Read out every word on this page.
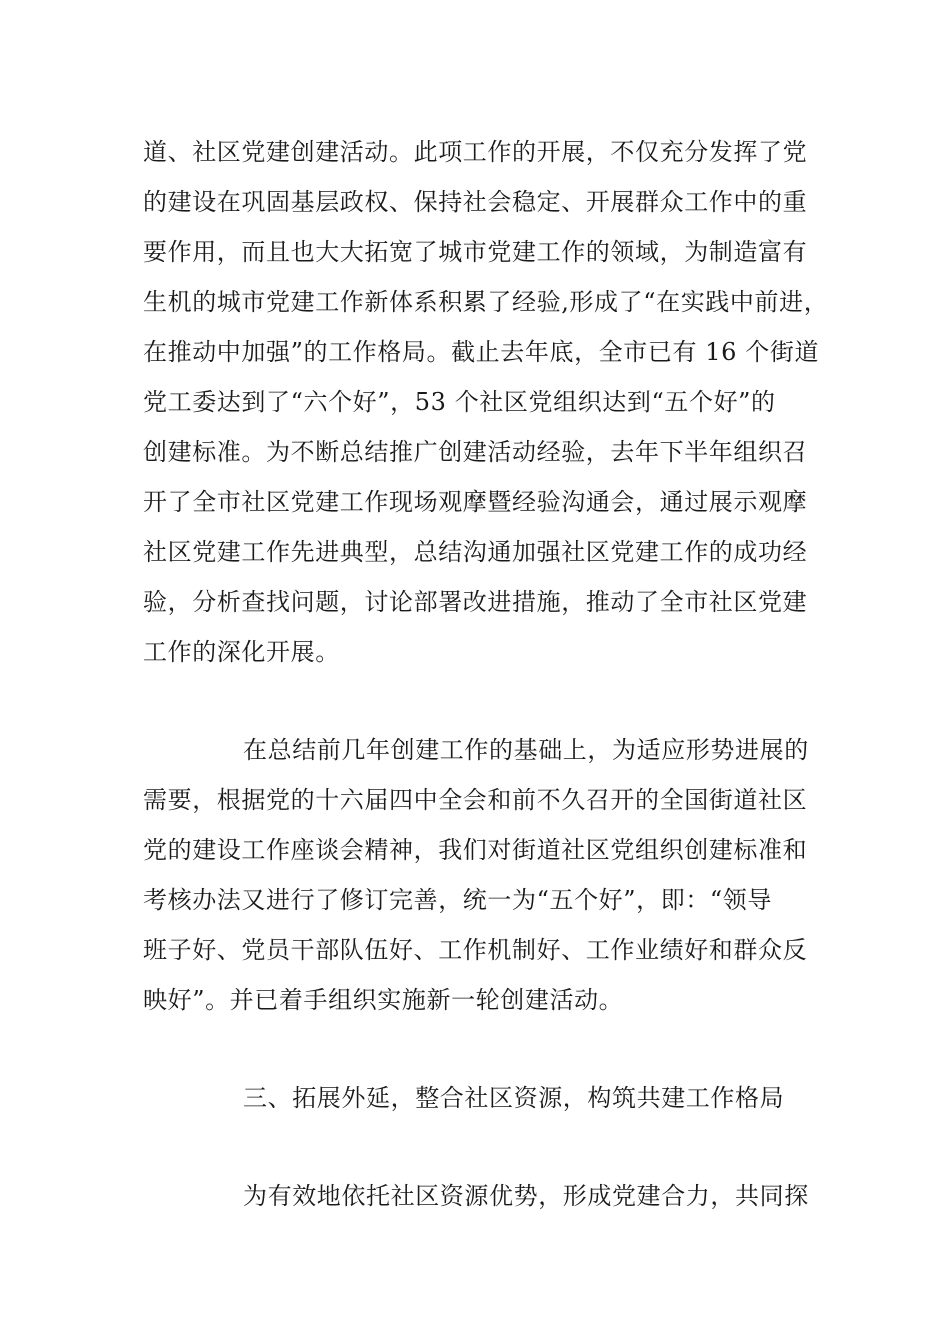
道、社区党建创建活动。此项工作的开展，不仅充分发挥了党
的建设在巩固基层政权、保持社会稳定、开展群众工作中的重
要作用，而且也大大拓宽了城市党建工作的领域，为制造富有
生机的城市党建工作新体系积累了经验,形成了“在实践中前进，
在推动中加强”的工作格局。截止去年底，全市已有 16 个街道
党工委达到了“六个好”，53 个社区党组织达到“五个好”的
创建标准。为不断总结推广创建活动经验，去年下半年组织召
开了全市社区党建工作现场观摩暨经验沟通会，通过展示观摩
社区党建工作先进典型，总结沟通加强社区党建工作的成功经
验，分析查找问题，讨论部署改进措施，推动了全市社区党建
工作的深化开展。
在总结前几年创建工作的基础上，为适应形势进展的
需要，根据党的十六届四中全会和前不久召开的全国街道社区
党的建设工作座谈会精神，我们对街道社区党组织创建标准和
考核办法又进行了修订完善，统一为“五个好”，即：“领导
班子好、党员干部队伍好、工作机制好、工作业绩好和群众反
映好”。并已着手组织实施新一轮创建活动。
三、拓展外延，整合社区资源，构筑共建工作格局
为有效地依托社区资源优势，形成党建合力，共同探
